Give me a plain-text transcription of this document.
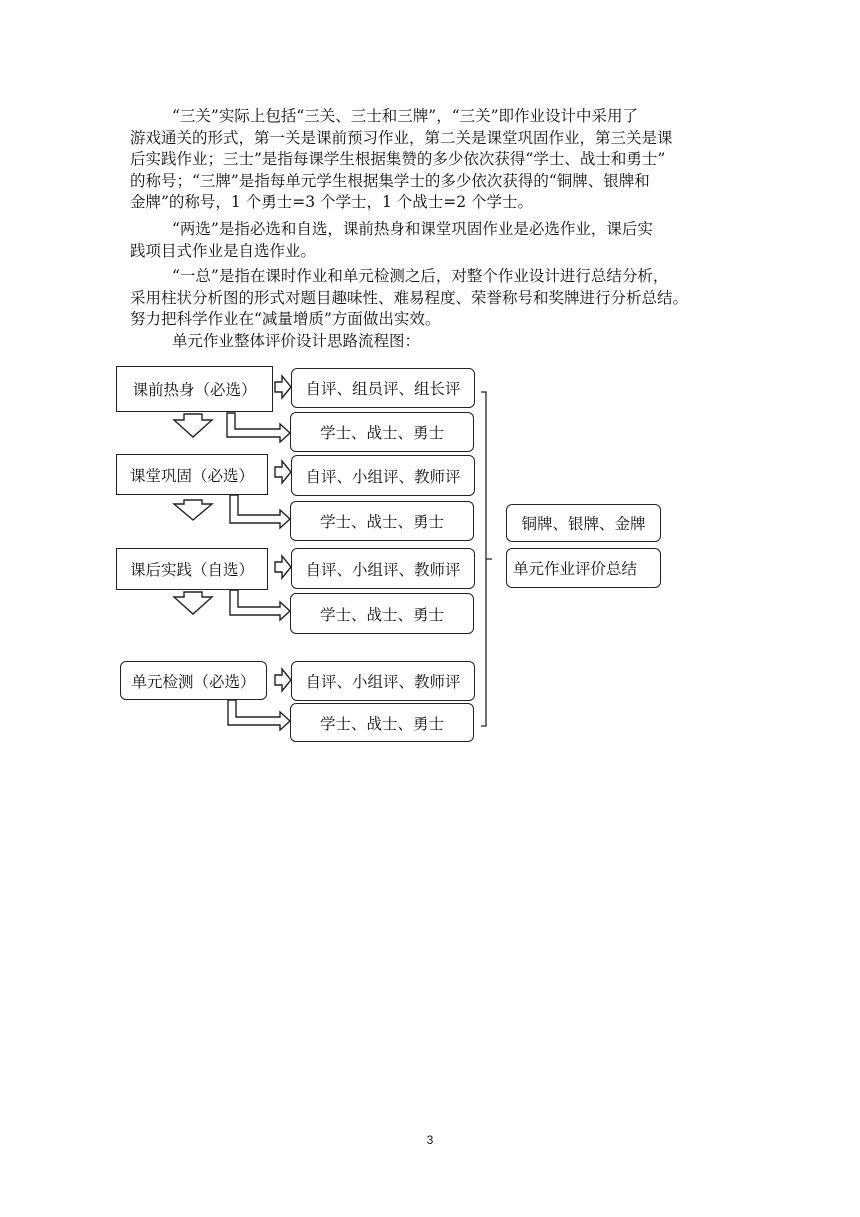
“三关”实际上包括“三关、三士和三牌”，“三关”即作业设计中采用了
游戏通关的形式，第一关是课前预习作业，第二关是课堂巩固作业，第三关是课
后实践作业；三士”是指每课学生根据集赞的多少依次获得“学士、战士和勇士”
的称号；“三牌”是指每单元学生根据集学士的多少依次获得的“铜牌、银牌和
金牌”的称号，1 个勇士=3 个学士，1 个战士=2 个学士。
“两选”是指必选和自选，课前热身和课堂巩固作业是必选作业，课后实
践项目式作业是自选作业。
“一总”是指在课时作业和单元检测之后，对整个作业设计进行总结分析，
采用柱状分析图的形式对题目趣味性、难易程度、荣誉称号和奖牌进行分析总结。
努力把科学作业在“减量增质”方面做出实效。
单元作业整体评价设计思路流程图：
课前热身（必选）
课堂巩固（必选）
课后实践（自选）
单元检测（必选）
自评、组员评、组长评
自评、小组评、教师评
自评、小组评、教师评
自评、小组评、教师评
学士、战士、勇士
学士、战士、勇士
学士、战士、勇士
学士、战士、勇士
铜牌、银牌、金牌
单元作业评价总结
3
